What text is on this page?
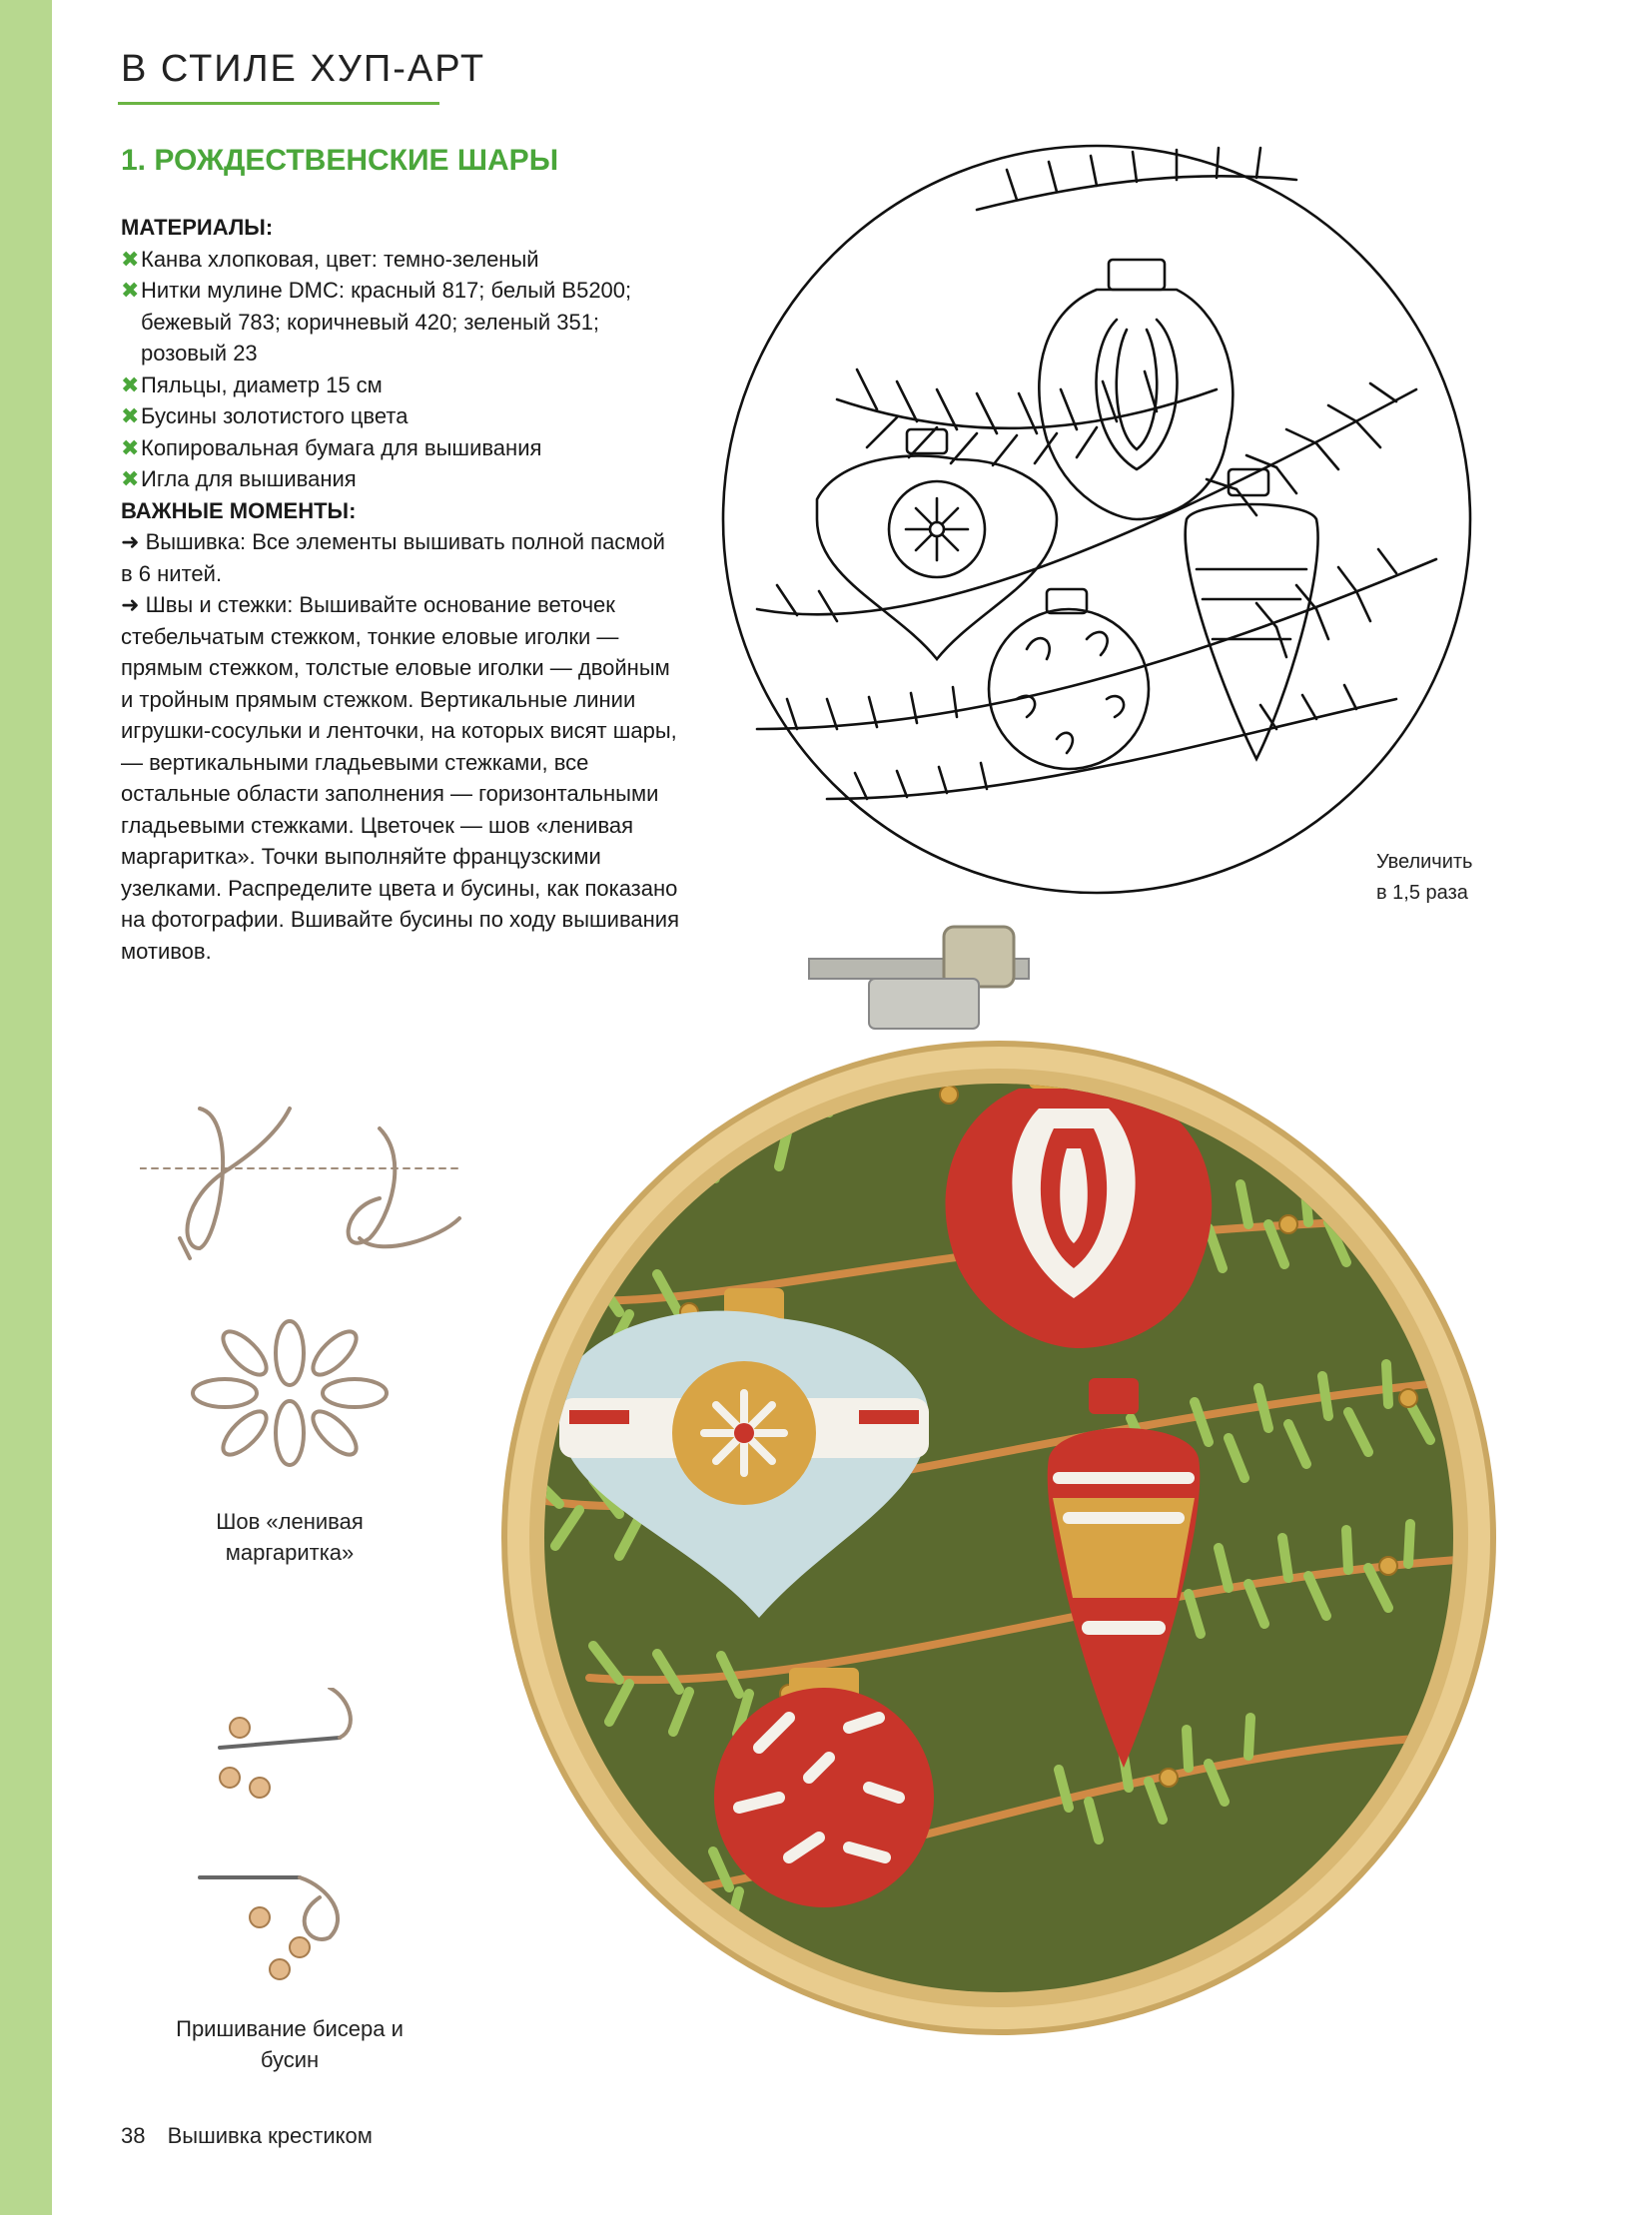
В СТИЛЕ ХУП-АРТ
1. РОЖДЕСТВЕНСКИЕ ШАРЫ
МАТЕРИАЛЫ:
✖ Канва хлопковая, цвет: темно-зеленый
✖ Нитки мулине DMC: красный 817; белый B5200; бежевый 783; коричневый 420; зеленый 351; розовый 23
✖ Пяльцы, диаметр 15 см
✖ Бусины золотистого цвета
✖ Копировальная бумага для вышивания
✖ Игла для вышивания
ВАЖНЫЕ МОМЕНТЫ:
➜ Вышивка: Все элементы вышивать полной пасмой в 6 нитей.
➜ Швы и стежки: Вышивайте основание веточек стебельчатым стежком, тонкие еловые иголки — прямым стежком, толстые еловые иголки — двойным и тройным прямым стежком. Вертикальные линии игрушки-сосульки и ленточки, на которых висят шары, — вертикальными гладьевыми стежками, все остальные области заполнения — горизонтальными гладьевыми стежками. Цветочек — шов «ленивая маргаритка». Точки выполняйте французскими узелками. Распределите цвета и бусины, как показано на фотографии. Вшивайте бусины по ходу вышивания мотивов.
Увеличить
в 1,5 раза
Шов «ленивая
маргаритка»
Пришивание бисера и
бусин
38 Вышивка крестиком
